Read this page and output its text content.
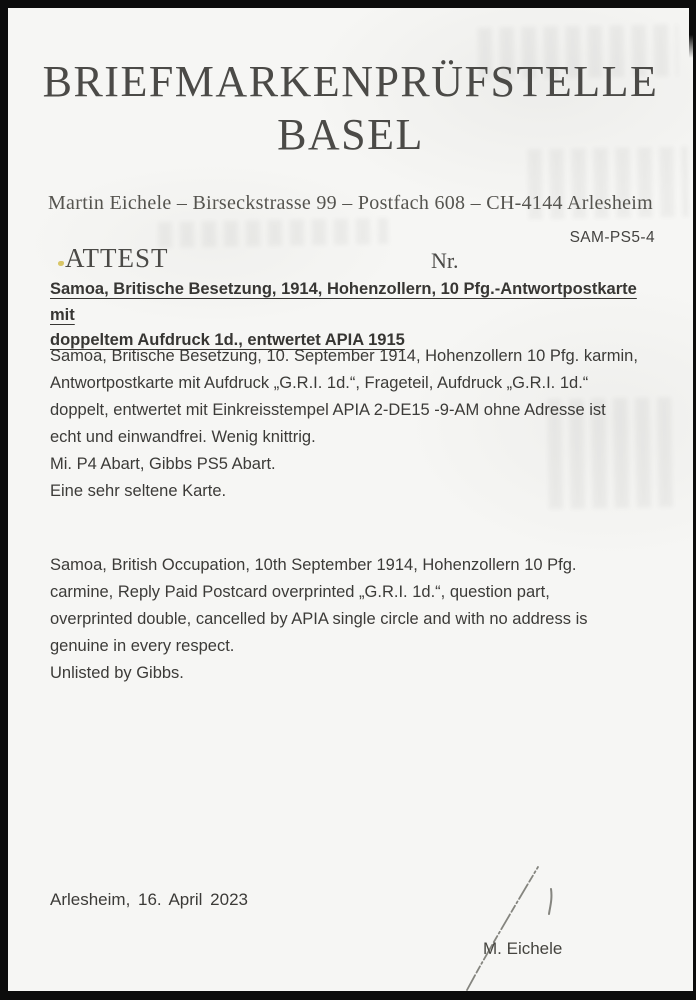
BRIEFMARKENPRÜFSTELLE
BASEL
Martin Eichele – Birseckstrasse 99 – Postfach 608 – CH-4144 Arlesheim
SAM-PS5-4
ATTEST	Nr.
Samoa, Britische Besetzung, 1914, Hohenzollern, 10 Pfg.-Antwortpostkarte mit
doppeltem Aufdruck 1d., entwertet APIA 1915
Samoa, Britische Besetzung, 10. September 1914, Hohenzollern 10 Pfg. karmin,
Antwortpostkarte mit Aufdruck „G.R.I. 1d.“, Frageteil, Aufdruck „G.R.I. 1d.“
doppelt, entwertet mit Einkreisstempel APIA 2-DE15 -9-AM ohne Adresse ist
echt und einwandfrei. Wenig knittrig.
Mi. P4 Abart, Gibbs PS5 Abart.
Eine sehr seltene Karte.
Samoa, British Occupation, 10th September 1914, Hohenzollern 10 Pfg.
carmine, Reply Paid Postcard overprinted „G.R.I. 1d.“, question part,
overprinted double, cancelled by APIA single circle and with no address is
genuine in every respect.
Unlisted by Gibbs.
Arlesheim, 16. April 2023
M. Eichele
